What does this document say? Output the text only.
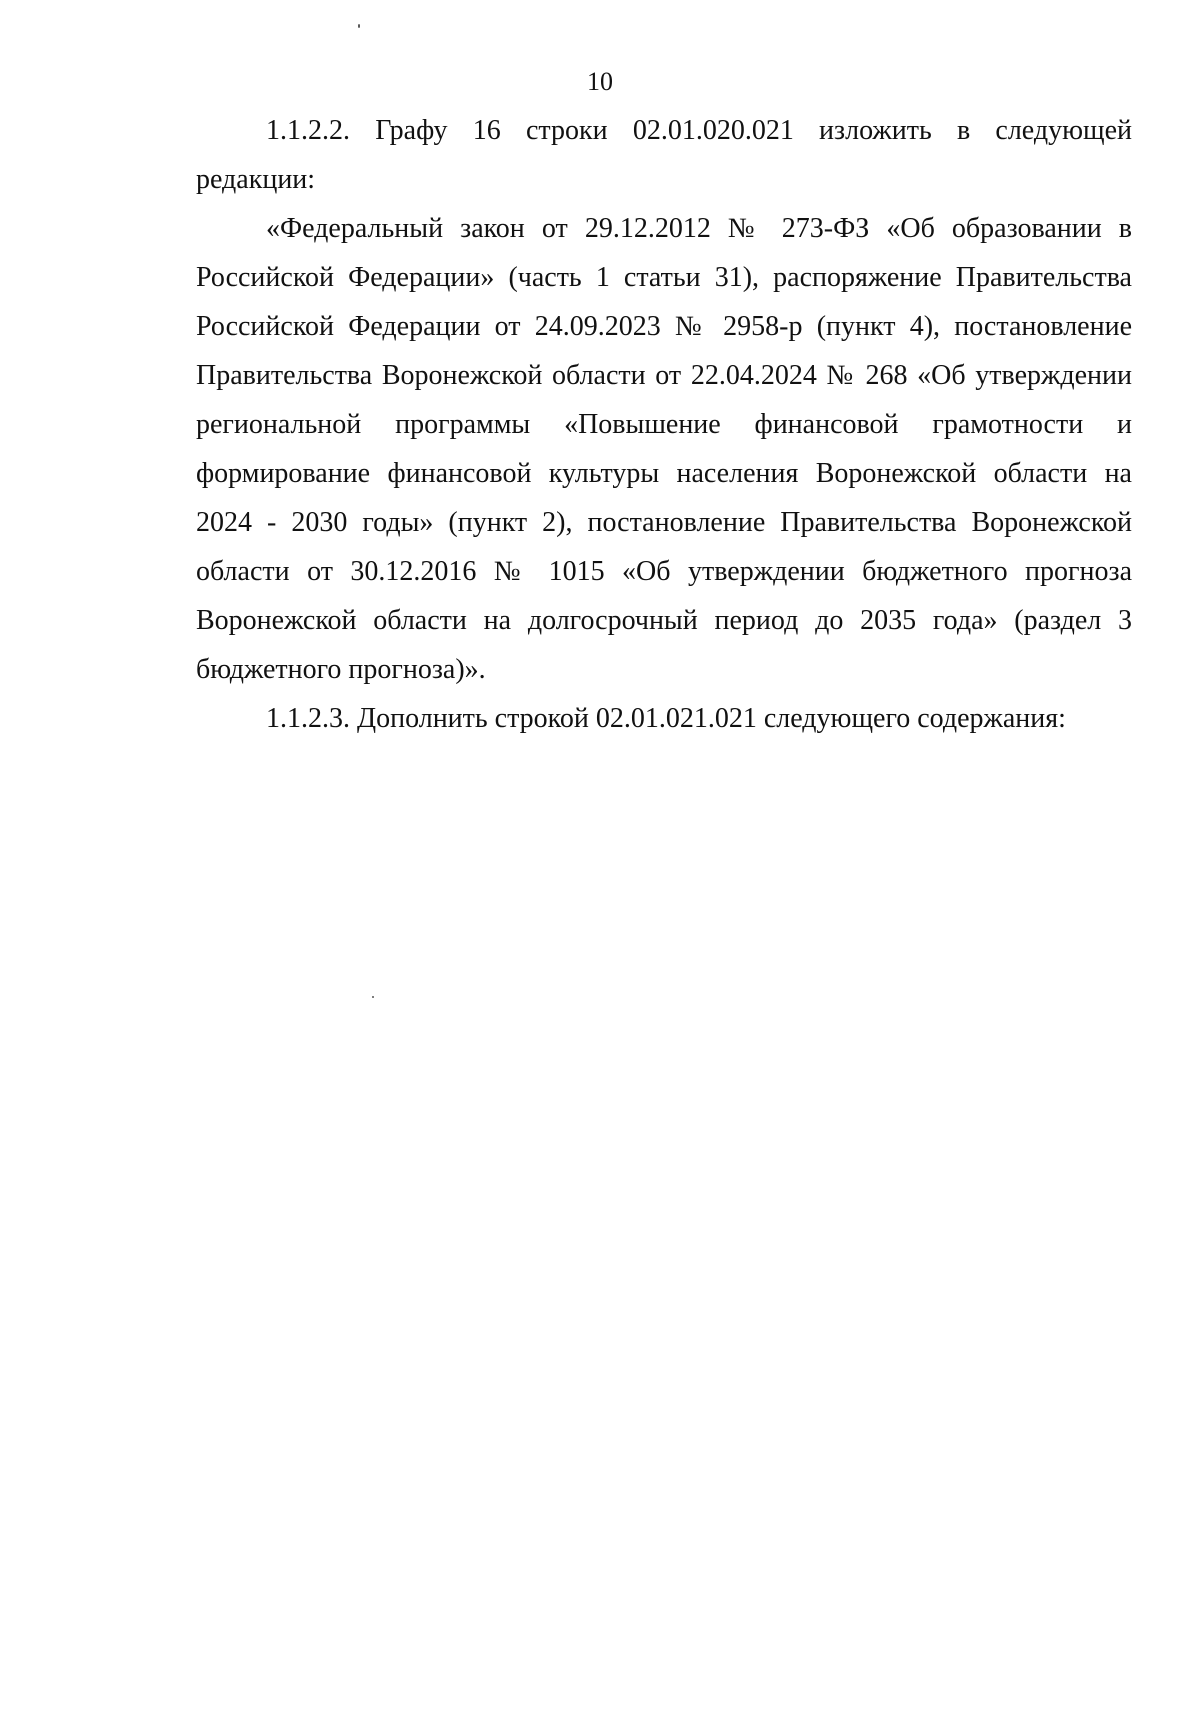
10
1.1.2.2. Графу 16 строки 02.01.020.021 изложить в следующей
редакции:
«Федеральный закон от 29.12.2012 № 273-ФЗ «Об образовании в
Российской Федерации» (часть 1 статьи 31), распоряжение Правительства
Российской Федерации от 24.09.2023 № 2958-р (пункт 4), постановление
Правительства Воронежской области от 22.04.2024 № 268 «Об утверждении
региональной программы «Повышение финансовой грамотности и
формирование финансовой культуры населения Воронежской области на
2024 - 2030 годы» (пункт 2), постановление Правительства Воронежской
области от 30.12.2016 № 1015 «Об утверждении бюджетного прогноза
Воронежской области на долгосрочный период до 2035 года» (раздел 3
бюджетного прогноза)».
1.1.2.3. Дополнить строкой 02.01.021.021 следующего содержания:
